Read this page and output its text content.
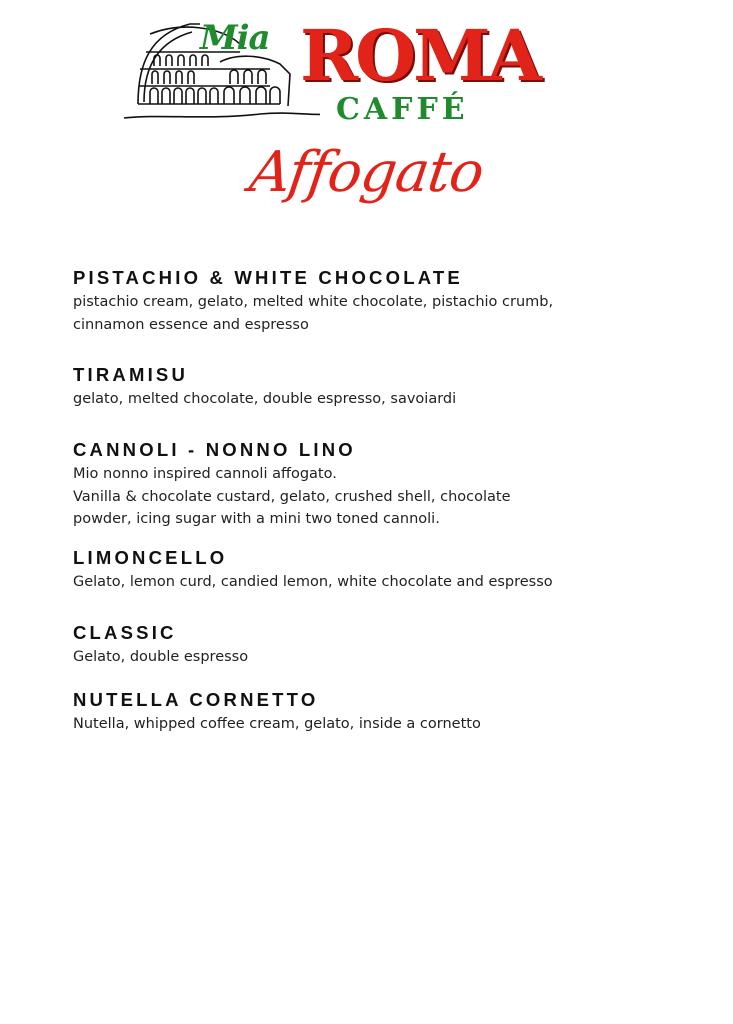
Mia ROMA
CAFFÉ
Affogato
PISTACHIO & WHITE CHOCOLATE
pistachio cream, gelato, melted white chocolate, pistachio crumb,
cinnamon essence and espresso
TIRAMISU
gelato, melted chocolate, double espresso, savoiardi
CANNOLI - NONNO LINO
Mio nonno inspired cannoli affogato.
Vanilla & chocolate custard, gelato, crushed shell, chocolate
powder, icing sugar with a mini two toned cannoli.
LIMONCELLO
Gelato, lemon curd, candied lemon, white chocolate and espresso
CLASSIC
Gelato, double espresso
NUTELLA CORNETTO
Nutella, whipped coffee cream, gelato, inside a cornetto
